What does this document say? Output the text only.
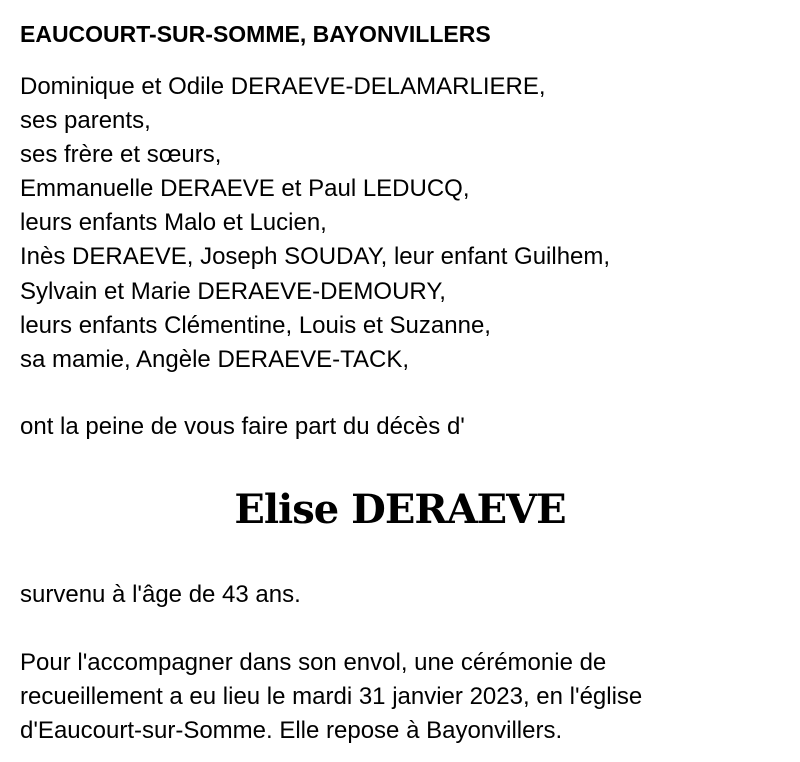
EAUCOURT-SUR-SOMME, BAYONVILLERS
Dominique et Odile DERAEVE-DELAMARLIERE,
ses parents,
ses frère et sœurs,
Emmanuelle DERAEVE et Paul LEDUCQ,
leurs enfants Malo et Lucien,
Inès DERAEVE, Joseph SOUDAY, leur enfant Guilhem,
Sylvain et Marie DERAEVE-DEMOURY,
leurs enfants Clémentine, Louis et Suzanne,
sa mamie, Angèle DERAEVE-TACK,
ont la peine de vous faire part du décès d'
Elise DERAEVE
survenu à l'âge de 43 ans.
Pour l'accompagner dans son envol, une cérémonie de
recueillement a eu lieu le mardi 31 janvier 2023, en l'église
d'Eaucourt-sur-Somme. Elle repose à Bayonvillers.
